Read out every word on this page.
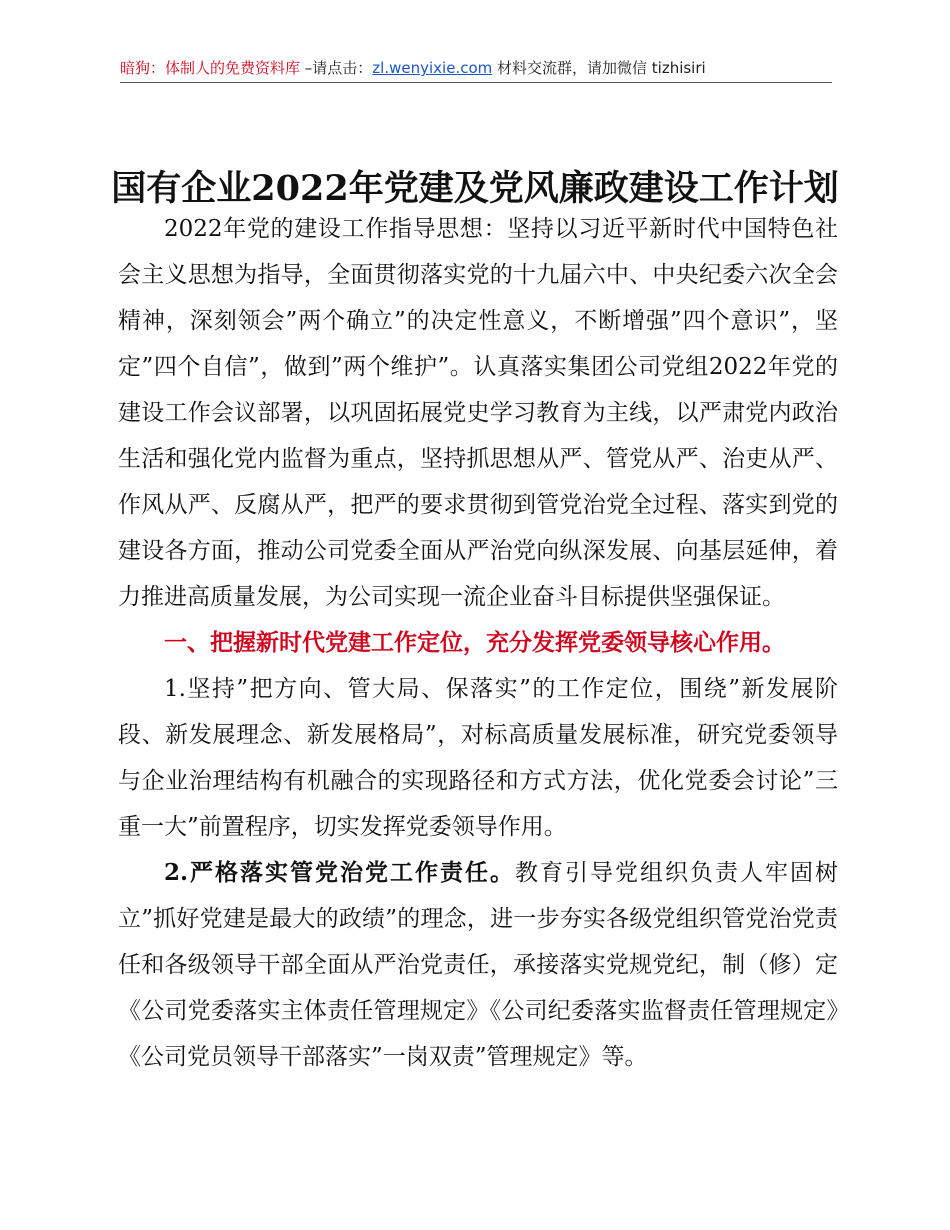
暗狗：体制人的免费资料库 –请点击：zl.wenyixie.com 材料交流群，请加微信 tizhisiri
国有企业2022年党建及党风廉政建设工作计划

2022年党的建设工作指导思想：坚持以习近平新时代中国特色社会主义思想为指导，全面贯彻落实党的十九届六中、中央纪委六次全会精神，深刻领会”两个确立”的决定性意义，不断增强”四个意识”，坚定”四个自信”，做到”两个维护”。认真落实集团公司党组2022年党的建设工作会议部署，以巩固拓展党史学习教育为主线，以严肃党内政治生活和强化党内监督为重点，坚持抓思想从严、管党从严、治吏从严、作风从严、反腐从严，把严的要求贯彻到管党治党全过程、落实到党的建设各方面，推动公司党委全面从严治党向纵深发展、向基层延伸，着力推进高质量发展，为公司实现一流企业奋斗目标提供坚强保证。

一、把握新时代党建工作定位，充分发挥党委领导核心作用。

1.坚持”把方向、管大局、保落实”的工作定位，围绕”新发展阶段、新发展理念、新发展格局”，对标高质量发展标准，研究党委领导与企业治理结构有机融合的实现路径和方式方法，优化党委会讨论”三重一大”前置程序，切实发挥党委领导作用。

2.严格落实管党治党工作责任。教育引导党组织负责人牢固树立”抓好党建是最大的政绩”的理念，进一步夯实各级党组织管党治党责任和各级领导干部全面从严治党责任，承接落实党规党纪，制（修）定《公司党委落实主体责任管理规定》《公司纪委落实监督责任管理规定》《公司党员领导干部落实”一岗双责”管理规定》等。
